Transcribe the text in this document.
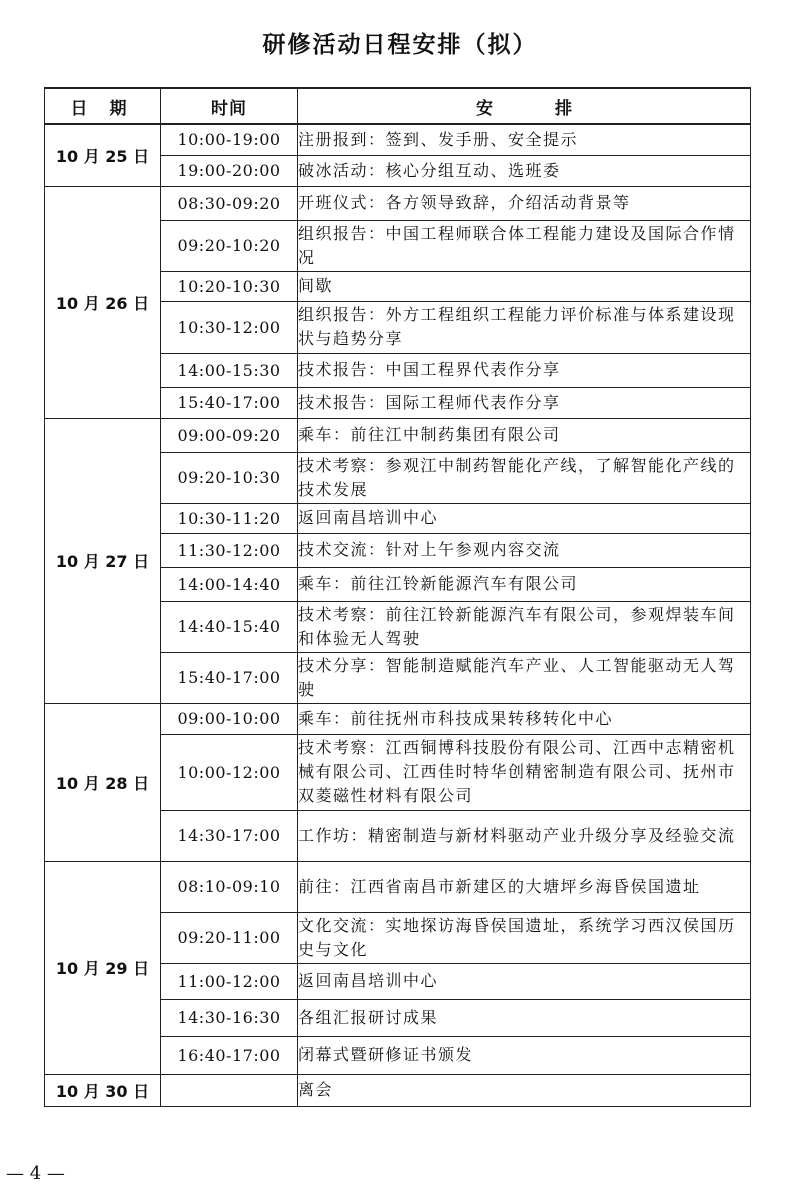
研修活动日程安排（拟）
日 期	时间	安 排
10 月 25 日	10:00-19:00	注册报到：签到、发手册、安全提示
	19:00-20:00	破冰活动：核心分组互动、选班委
10 月 26 日	08:30-09:20	开班仪式：各方领导致辞，介绍活动背景等
	09:20-10:20	组织报告：中国工程师联合体工程能力建设及国际合作情况
	10:20-10:30	间歇
	10:30-12:00	组织报告：外方工程组织工程能力评价标准与体系建设现状与趋势分享
	14:00-15:30	技术报告：中国工程界代表作分享
	15:40-17:00	技术报告：国际工程师代表作分享
10 月 27 日	09:00-09:20	乘车：前往江中制药集团有限公司
	09:20-10:30	技术考察：参观江中制药智能化产线，了解智能化产线的技术发展
	10:30-11:20	返回南昌培训中心
	11:30-12:00	技术交流：针对上午参观内容交流
	14:00-14:40	乘车：前往江铃新能源汽车有限公司
	14:40-15:40	技术考察：前往江铃新能源汽车有限公司，参观焊装车间和体验无人驾驶
	15:40-17:00	技术分享：智能制造赋能汽车产业、人工智能驱动无人驾驶
10 月 28 日	09:00-10:00	乘车：前往抚州市科技成果转移转化中心
	10:00-12:00	技术考察：江西铜博科技股份有限公司、江西中志精密机械有限公司、江西佳时特华创精密制造有限公司、抚州市双菱磁性材料有限公司
	14:30-17:00	工作坊：精密制造与新材料驱动产业升级分享及经验交流
10 月 29 日	08:10-09:10	前往：江西省南昌市新建区的大塘坪乡海昏侯国遗址
	09:20-11:00	文化交流：实地探访海昏侯国遗址，系统学习西汉侯国历史与文化
	11:00-12:00	返回南昌培训中心
	14:30-16:30	各组汇报研讨成果
	16:40-17:00	闭幕式暨研修证书颁发
10 月 30 日		离会
— 4 —
